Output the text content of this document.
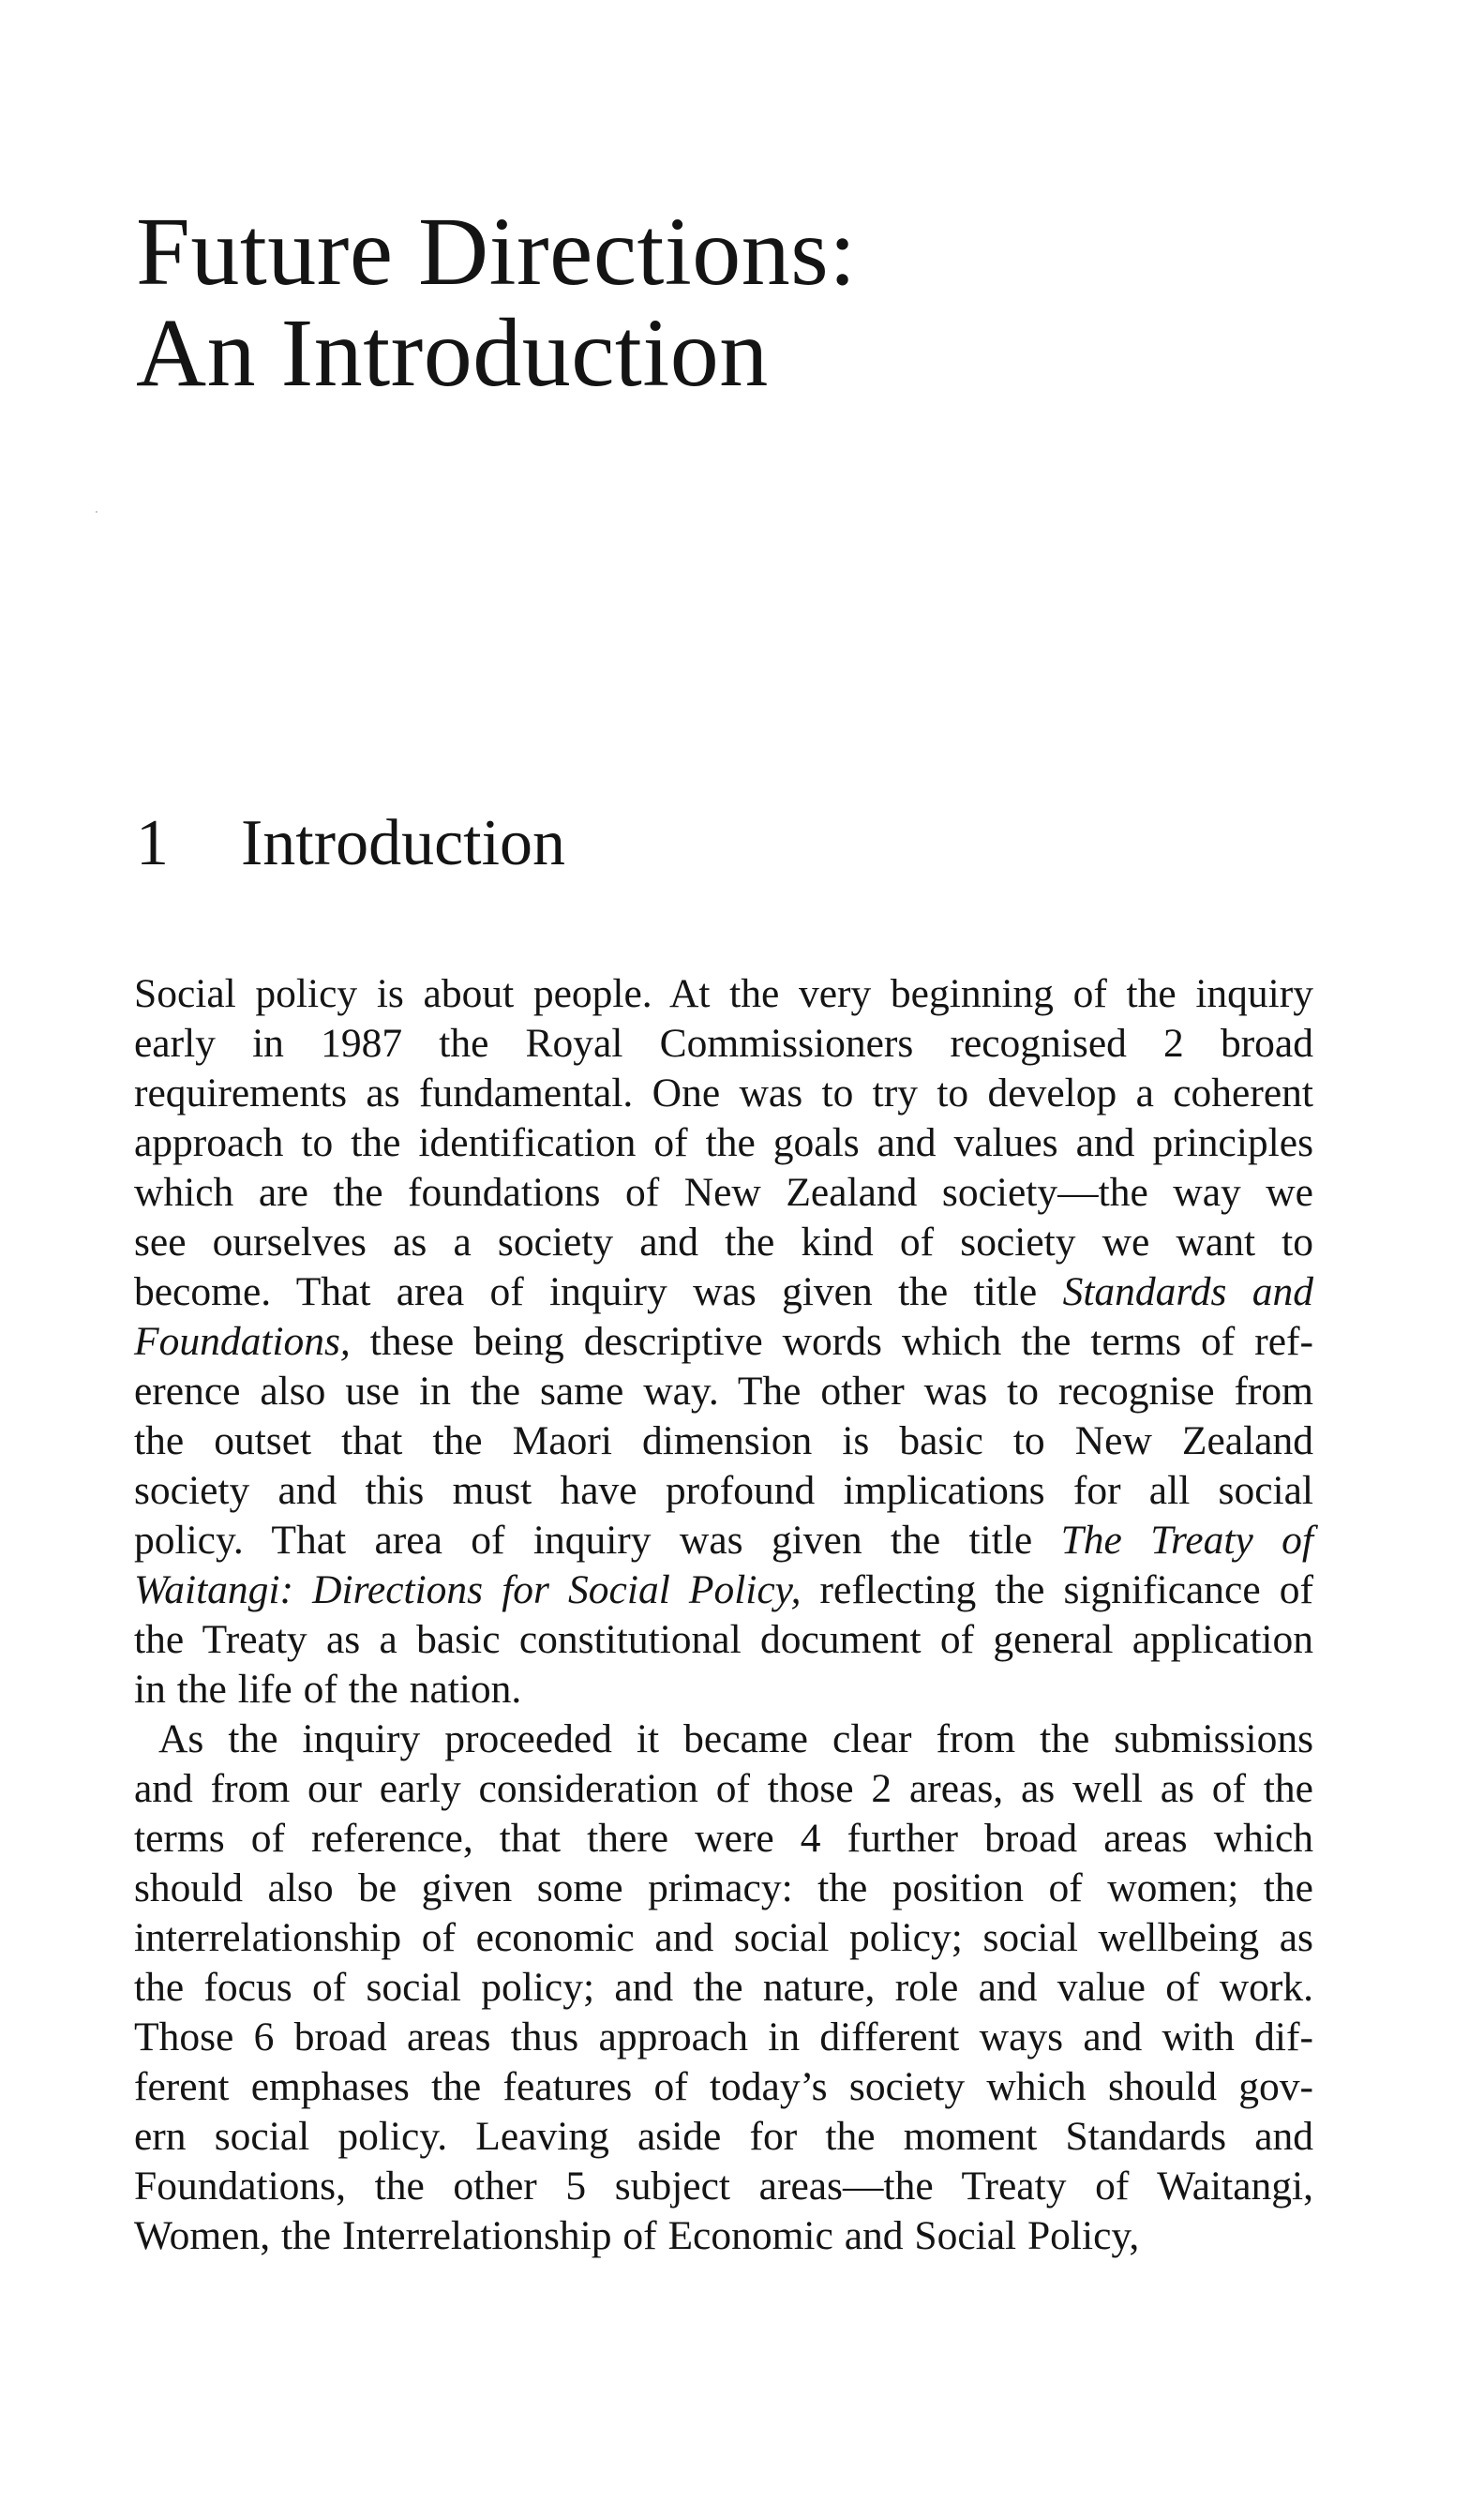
Future Directions:
An Introduction
1 Introduction
Social policy is about people. At the very beginning of the inquiry
early in 1987 the Royal Commissioners recognised 2 broad
requirements as fundamental. One was to try to develop a coherent
approach to the identification of the goals and values and principles
which are the foundations of New Zealand society—the way we
see ourselves as a society and the kind of society we want to
become. That area of inquiry was given the title Standards and
Foundations, these being descriptive words which the terms of ref-
erence also use in the same way. The other was to recognise from
the outset that the Maori dimension is basic to New Zealand
society and this must have profound implications for all social
policy. That area of inquiry was given the title The Treaty of
Waitangi: Directions for Social Policy, reflecting the significance of
the Treaty as a basic constitutional document of general application
in the life of the nation.
As the inquiry proceeded it became clear from the submissions
and from our early consideration of those 2 areas, as well as of the
terms of reference, that there were 4 further broad areas which
should also be given some primacy: the position of women; the
interrelationship of economic and social policy; social wellbeing as
the focus of social policy; and the nature, role and value of work.
Those 6 broad areas thus approach in different ways and with dif-
ferent emphases the features of today’s society which should gov-
ern social policy. Leaving aside for the moment Standards and
Foundations, the other 5 subject areas—the Treaty of Waitangi,
Women, the Interrelationship of Economic and Social Policy,
